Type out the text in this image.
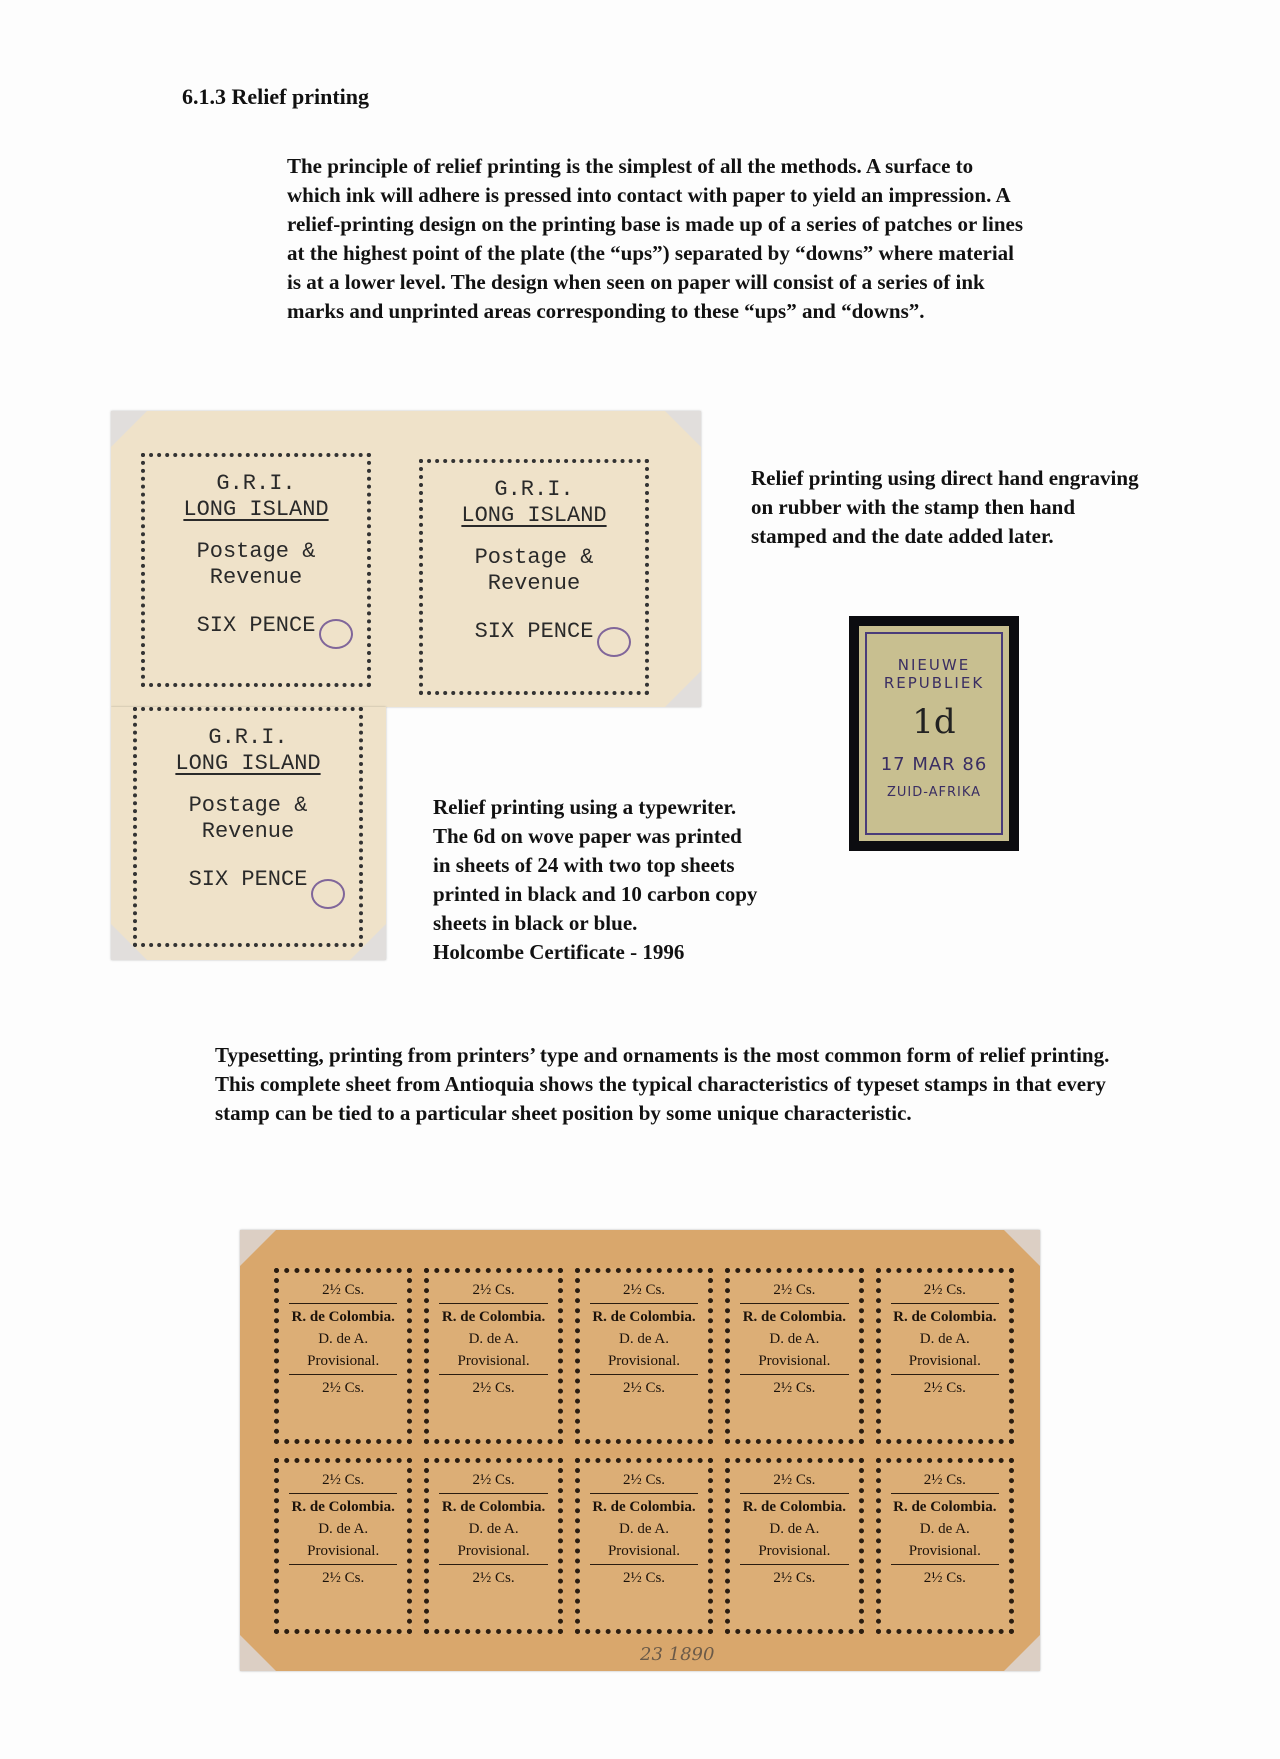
6.1.3 Relief printing

The principle of relief printing is the simplest of all the methods. A surface to which ink will adhere is pressed into contact with paper to yield an impression. A relief-printing design on the printing base is made up of a series of patches or lines at the highest point of the plate (the “ups”) separated by “downs” where material is at a lower level. The design when seen on paper will consist of a series of ink marks and unprinted areas corresponding to these “ups” and “downs”.

G.R.I.
LONG ISLAND
Postage &
Revenue
SIX PENCE
G.R.I.
LONG ISLAND
Postage &
Revenue
SIX PENCE
G.R.I.
LONG ISLAND
Postage &
Revenue
SIX PENCE

Relief printing using direct hand engraving on rubber with the stamp then hand stamped and the date added later.

NIEUWE
REPUBLIEK
1d
17 MAR 86
ZUID-AFRIKA

Relief printing using a typewriter.

The 6d on wove paper was printed

in sheets of 24 with two top sheets

printed in black and 10 carbon copy

sheets in black or blue.

Holcombe Certificate - 1996

Typesetting, printing from printers’ type and ornaments is the most common form of relief printing. This complete sheet from Antioquia shows the typical characteristics of typeset stamps in that every stamp can be tied to a particular sheet position by some unique characteristic.

2½ Cs.
R. de Colombia.
D. de A.
Provisional.
2½ Cs.
2½ Cs.
R. de Colombia.
D. de A.
Provisional.
2½ Cs.
2½ Cs.
R. de Colombia.
D. de A.
Provisional.
2½ Cs.
2½ Cs.
R. de Colombia.
D. de A.
Provisional.
2½ Cs.
2½ Cs.
R. de Colombia.
D. de A.
Provisional.
2½ Cs.
2½ Cs.
R. de Colombia.
D. de A.
Provisional.
2½ Cs.
2½ Cs.
R. de Colombia.
D. de A.
Provisional.
2½ Cs.
2½ Cs.
R. de Colombia.
D. de A.
Provisional.
2½ Cs.
2½ Cs.
R. de Colombia.
D. de A.
Provisional.
2½ Cs.
2½ Cs.
R. de Colombia.
D. de A.
Provisional.
2½ Cs.
23 1890
